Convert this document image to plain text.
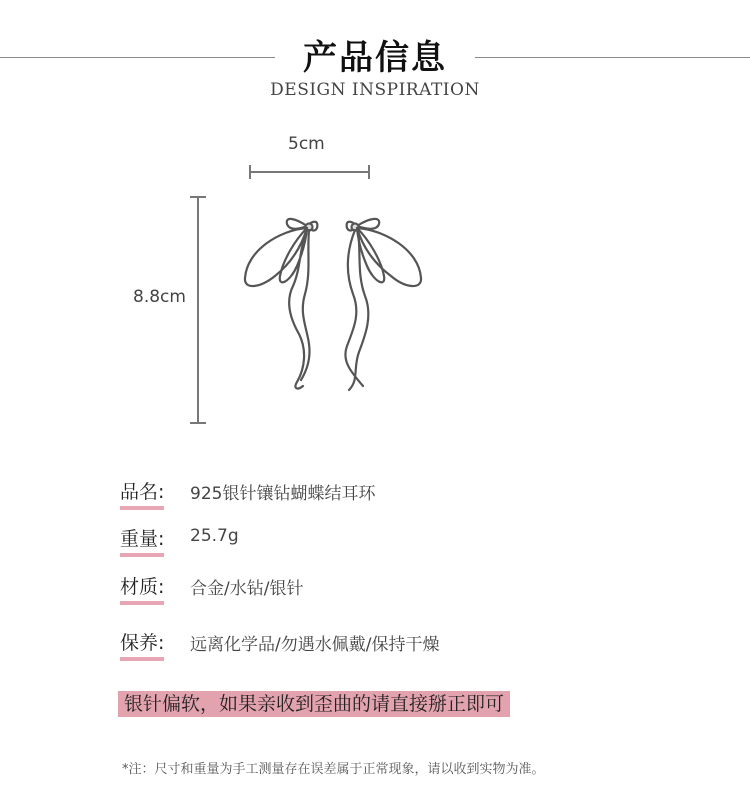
产品信息
DESIGN INSPIRATION
5cm
8.8cm
品名: 925银针镶钻蝴蝶结耳环
重量: 25.7g
材质: 合金/水钻/银针
保养: 远离化学品/勿遇水佩戴/保持干燥
银针偏软，如果亲收到歪曲的请直接掰正即可
*注：尺寸和重量为手工测量存在误差属于正常现象，请以收到实物为准。
